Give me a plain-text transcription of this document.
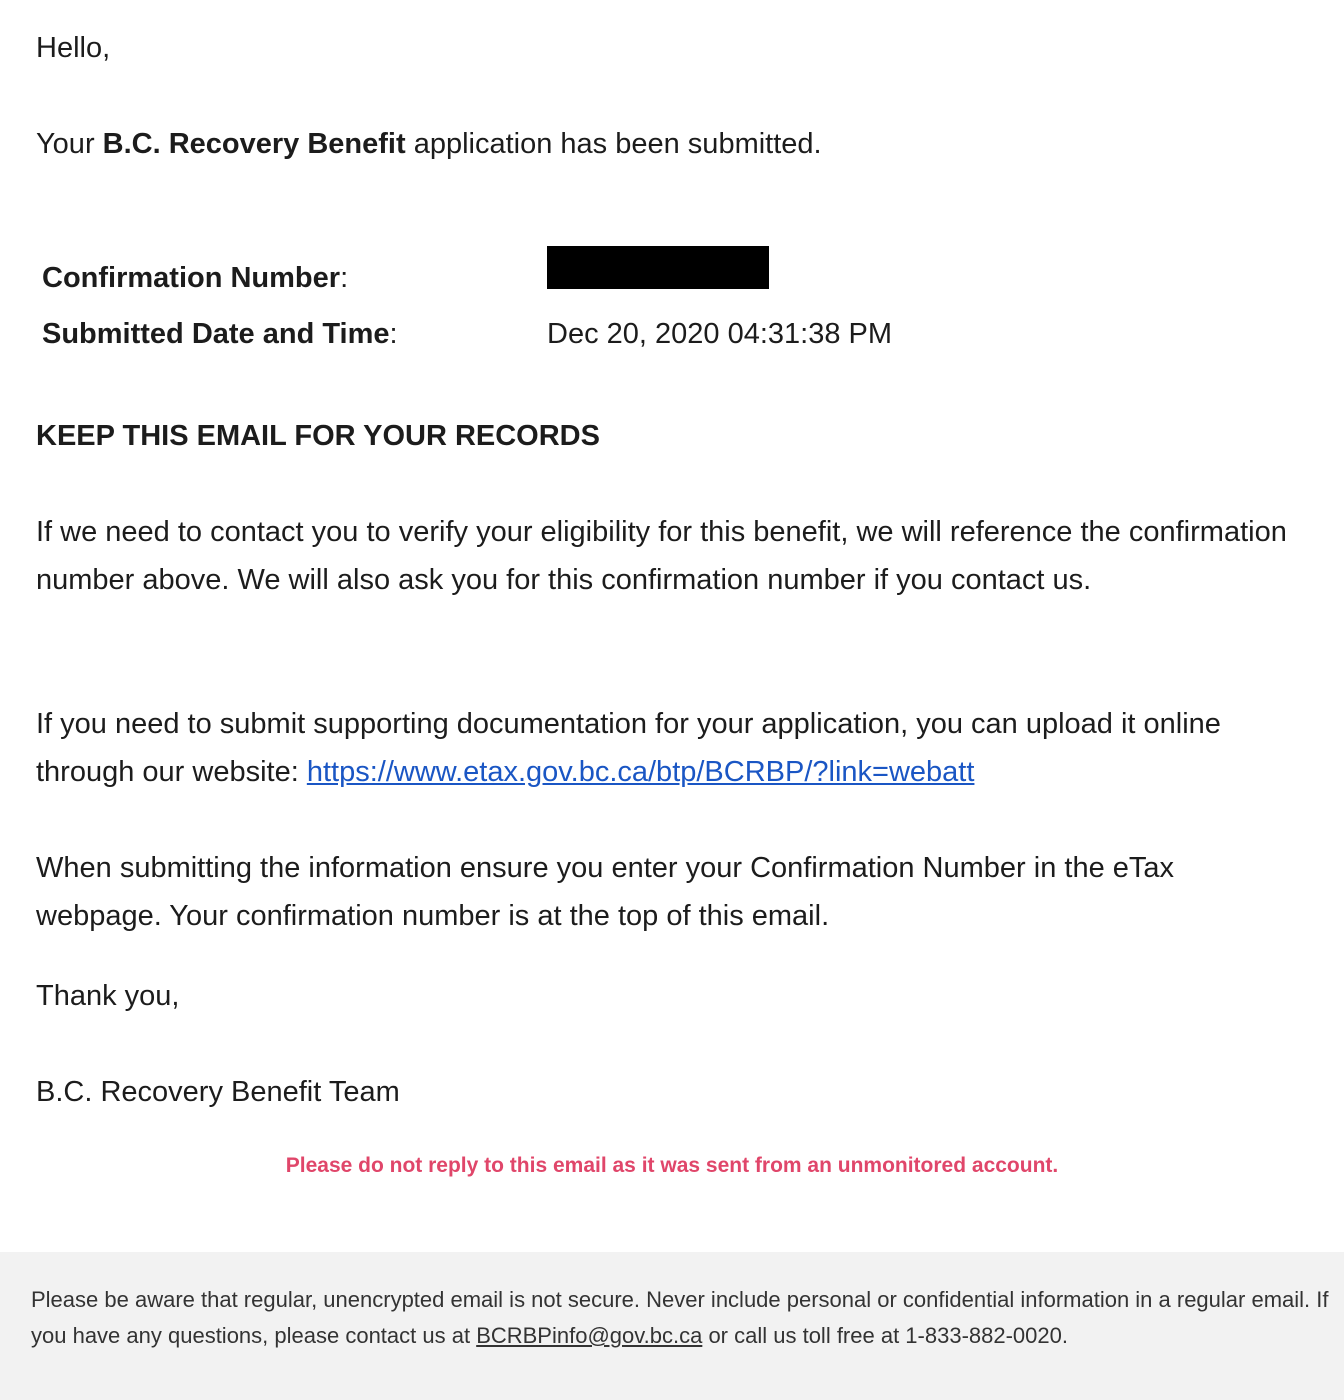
Hello,

Your B.C. Recovery Benefit application has been submitted.

Confirmation Number:
Submitted Date and Time:	Dec 20, 2020 04:31:38 PM

KEEP THIS EMAIL FOR YOUR RECORDS

If we need to contact you to verify your eligibility for this benefit, we will reference the confirmation number above. We will also ask you for this confirmation number if you contact us.

If you need to submit supporting documentation for your application, you can upload it online through our website: https://www.etax.gov.bc.ca/btp/BCRBP/?link=webatt

When submitting the information ensure you enter your Confirmation Number in the eTax webpage. Your confirmation number is at the top of this email.

Thank you,

B.C. Recovery Benefit Team

Please do not reply to this email as it was sent from an unmonitored account.

Please be aware that regular, unencrypted email is not secure. Never include personal or confidential information in a regular email. If you have any questions, please contact us at BCRBPinfo@gov.bc.ca or call us toll free at 1-833-882-0020.
